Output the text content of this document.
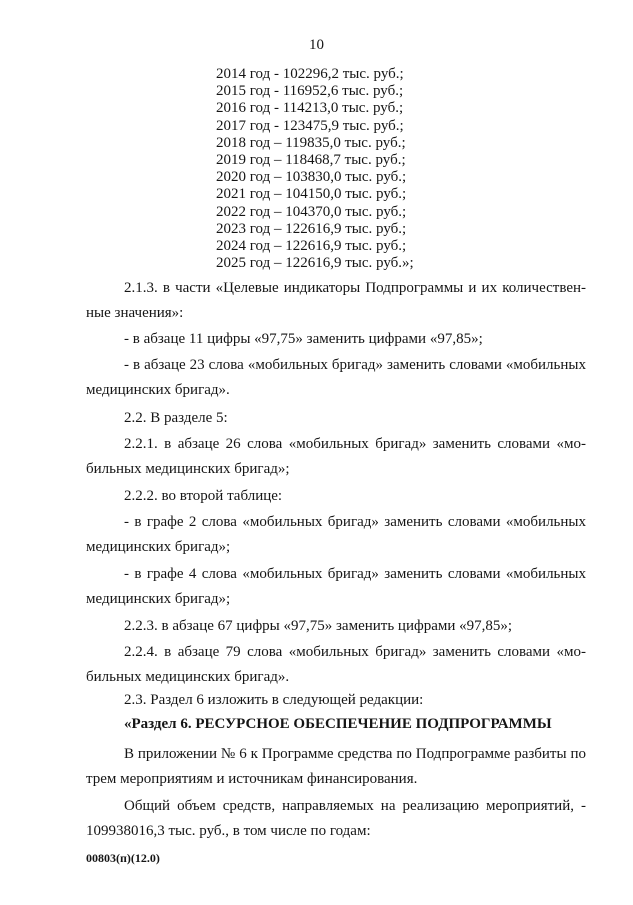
10
2014 год - 102296,2 тыс. руб.;
2015 год - 116952,6 тыс. руб.;
2016 год - 114213,0 тыс. руб.;
2017 год - 123475,9 тыс. руб.;
2018 год – 119835,0 тыс. руб.;
2019 год – 118468,7 тыс. руб.;
2020 год – 103830,0 тыс. руб.;
2021 год – 104150,0 тыс. руб.;
2022 год – 104370,0 тыс. руб.;
2023 год – 122616,9 тыс. руб.;
2024 год – 122616,9 тыс. руб.;
2025 год – 122616,9 тыс. руб.»;
2.1.3. в части «Целевые индикаторы Подпрограммы и их количествен-ные значения»:
- в абзаце 11 цифры «97,75» заменить цифрами «97,85»;
- в абзаце 23 слова «мобильных бригад» заменить словами «мобильных медицинских бригад».
2.2. В разделе 5:
2.2.1. в абзаце 26 слова «мобильных бригад» заменить словами «мо-бильных медицинских бригад»;
2.2.2. во второй таблице:
- в графе 2 слова «мобильных бригад» заменить словами «мобильных медицинских бригад»;
- в графе 4 слова «мобильных бригад» заменить словами «мобильных медицинских бригад»;
2.2.3. в абзаце 67 цифры «97,75» заменить цифрами «97,85»;
2.2.4. в абзаце 79 слова «мобильных бригад» заменить словами «мо-бильных медицинских бригад».
2.3. Раздел 6 изложить в следующей редакции:
«Раздел 6. РЕСУРСНОЕ ОБЕСПЕЧЕНИЕ ПОДПРОГРАММЫ
В приложении № 6 к Программе средства по Подпрограмме разбиты по трем мероприятиям и источникам финансирования.
Общий объем средств, направляемых на реализацию мероприятий, - 109938016,3 тыс. руб., в том числе по годам:
00803(п)(12.0)
